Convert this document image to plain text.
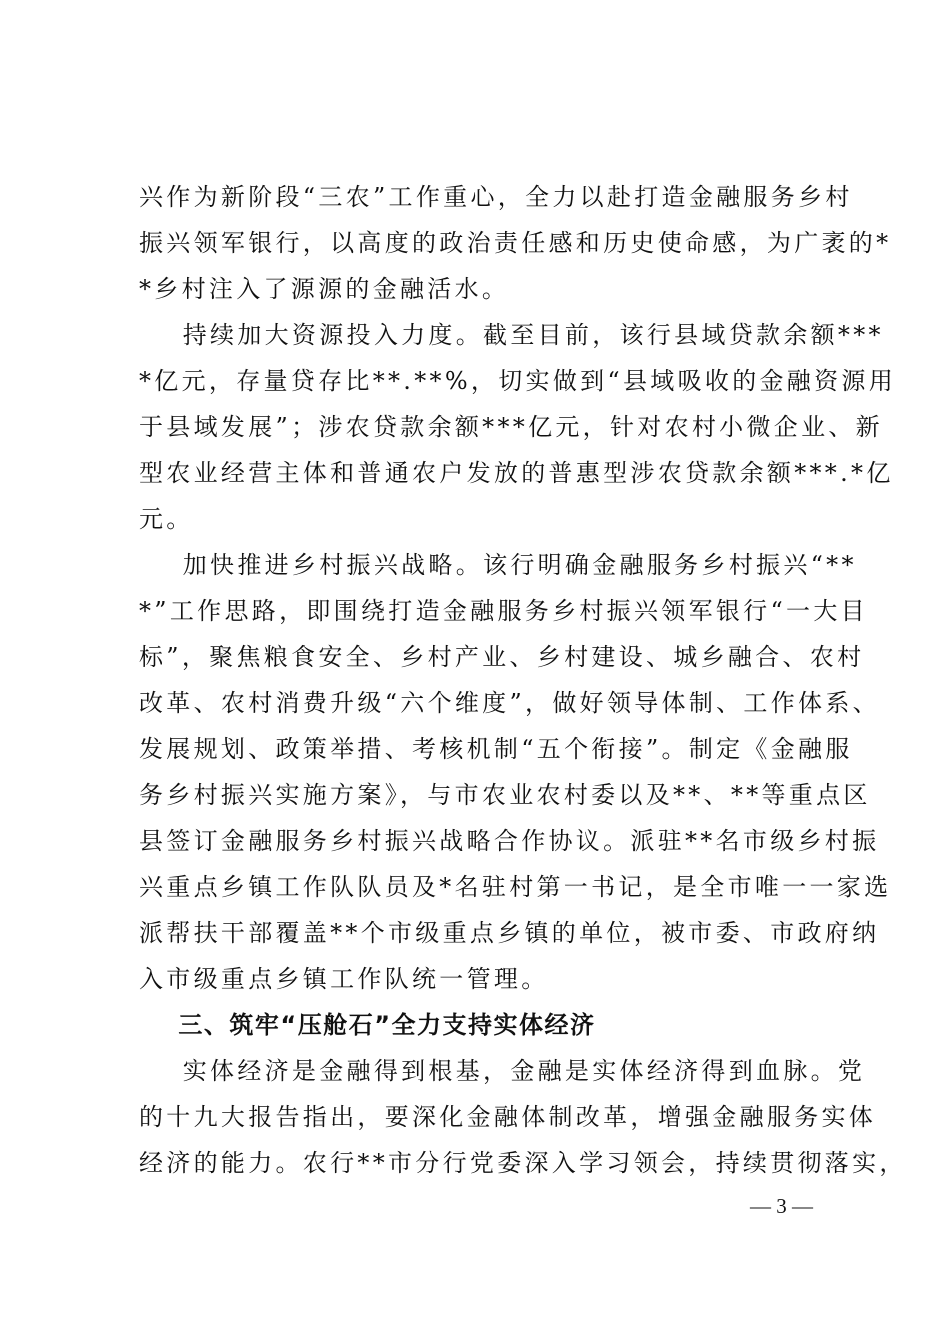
兴作为新阶段“三农”工作重心，全力以赴打造金融服务乡村
振兴领军银行，以高度的政治责任感和历史使命感，为广袤的*
*乡村注入了源源的金融活水。
持续加大资源投入力度。截至目前，该行县域贷款余额***
*亿元，存量贷存比**.**%，切实做到“县域吸收的金融资源用
于县域发展”；涉农贷款余额***亿元，针对农村小微企业、新
型农业经营主体和普通农户发放的普惠型涉农贷款余额***.*亿
元。
加快推进乡村振兴战略。该行明确金融服务乡村振兴“**
*”工作思路，即围绕打造金融服务乡村振兴领军银行“一大目
标”，聚焦粮食安全、乡村产业、乡村建设、城乡融合、农村
改革、农村消费升级“六个维度”，做好领导体制、工作体系、
发展规划、政策举措、考核机制“五个衔接”。制定《金融服
务乡村振兴实施方案》，与市农业农村委以及**、**等重点区
县签订金融服务乡村振兴战略合作协议。派驻**名市级乡村振
兴重点乡镇工作队队员及*名驻村第一书记，是全市唯一一家选
派帮扶干部覆盖**个市级重点乡镇的单位，被市委、市政府纳
入市级重点乡镇工作队统一管理。
三、筑牢“压舱石”全力支持实体经济
实体经济是金融得到根基，金融是实体经济得到血脉。党
的十九大报告指出，要深化金融体制改革，增强金融服务实体
经济的能力。农行**市分行党委深入学习领会，持续贯彻落实，
— 3 —
